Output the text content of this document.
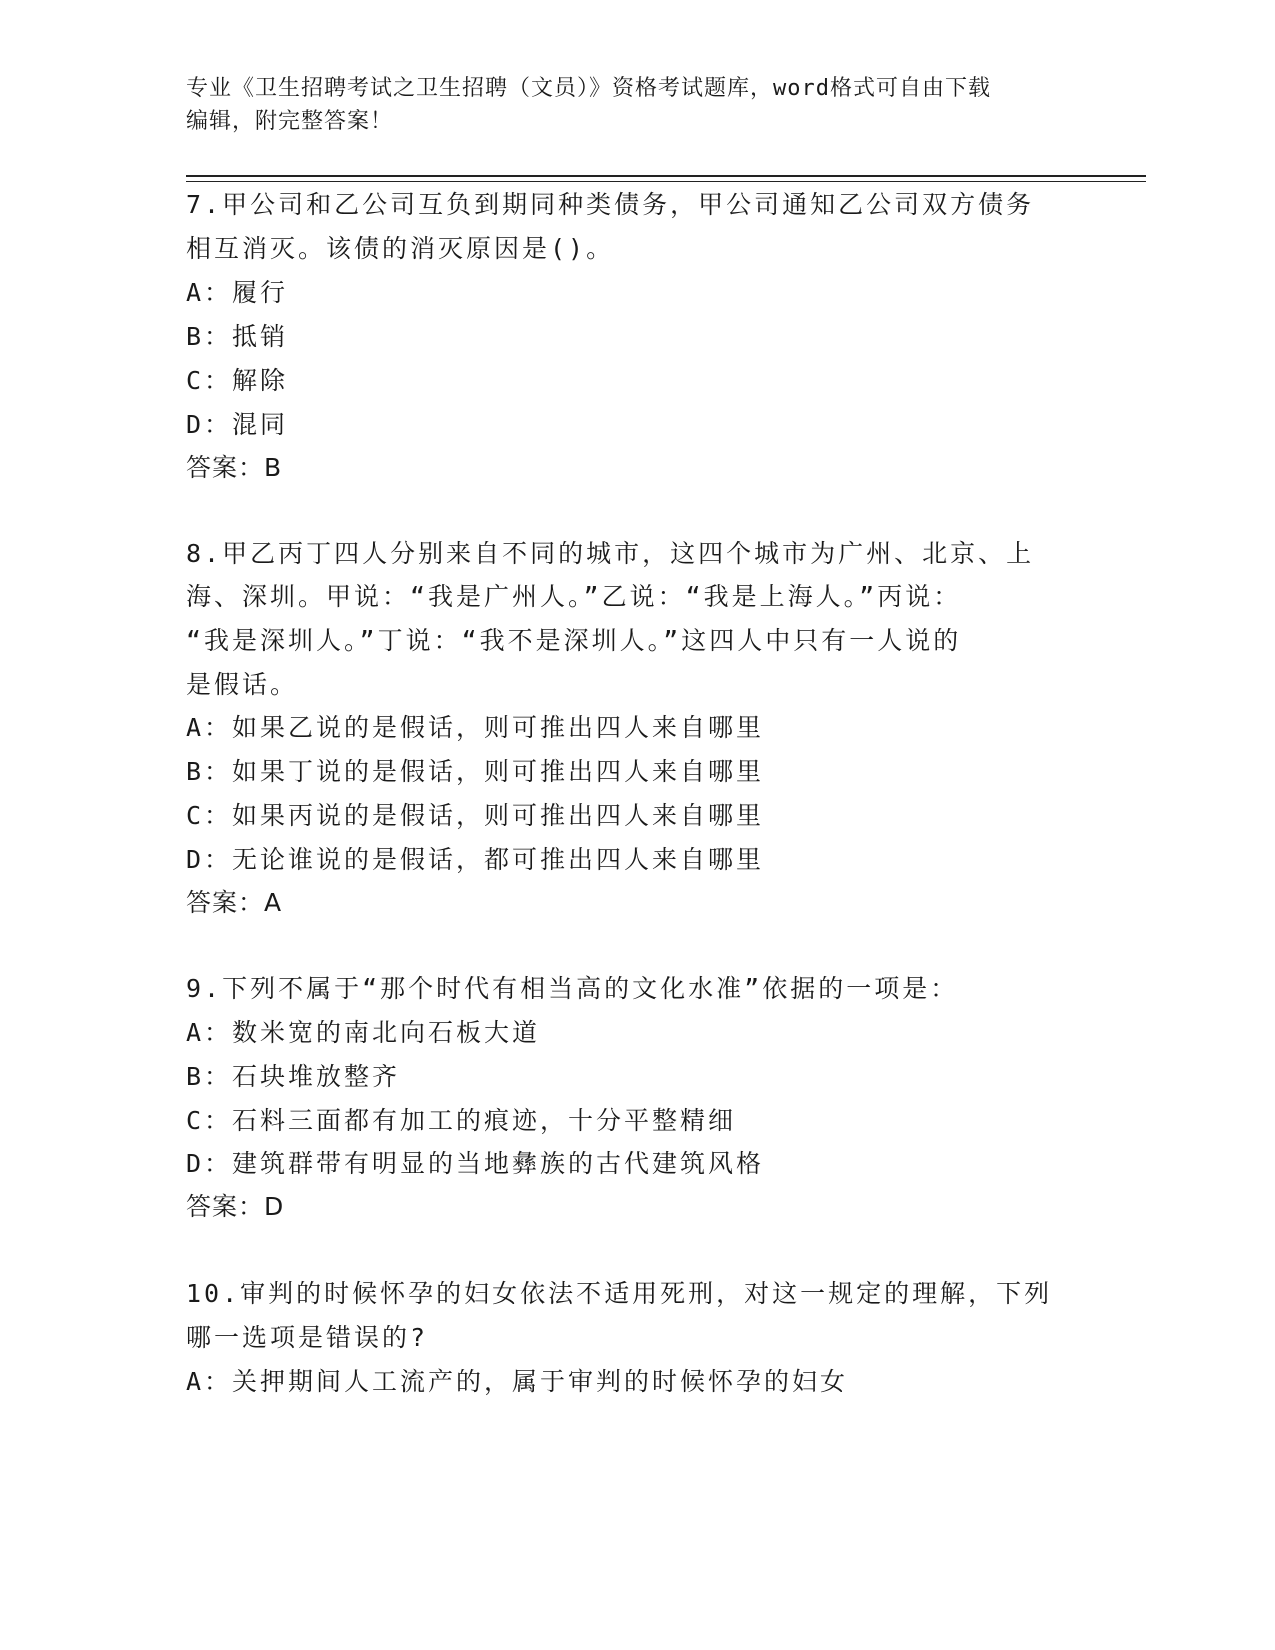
专业《卫生招聘考试之卫生招聘（文员）》资格考试题库，word格式可自由下载
编辑，附完整答案！
7.甲公司和乙公司互负到期同种类债务，甲公司通知乙公司双方债务
相互消灭。该债的消灭原因是()。
A：履行
B：抵销
C：解除
D：混同
答案：B
8.甲乙丙丁四人分别来自不同的城市，这四个城市为广州、北京、上
海、深圳。甲说：“我是广州人。”乙说：“我是上海人。”丙说：
“我是深圳人。”丁说：“我不是深圳人。”这四人中只有一人说的
是假话。
A：如果乙说的是假话，则可推出四人来自哪里
B：如果丁说的是假话，则可推出四人来自哪里
C：如果丙说的是假话，则可推出四人来自哪里
D：无论谁说的是假话，都可推出四人来自哪里
答案：A
9.下列不属于“那个时代有相当高的文化水准”依据的一项是：
A：数米宽的南北向石板大道
B：石块堆放整齐
C：石料三面都有加工的痕迹，十分平整精细
D：建筑群带有明显的当地彝族的古代建筑风格
答案：D
10.审判的时候怀孕的妇女依法不适用死刑，对这一规定的理解，下列
哪一选项是错误的?
A：关押期间人工流产的，属于审判的时候怀孕的妇女
